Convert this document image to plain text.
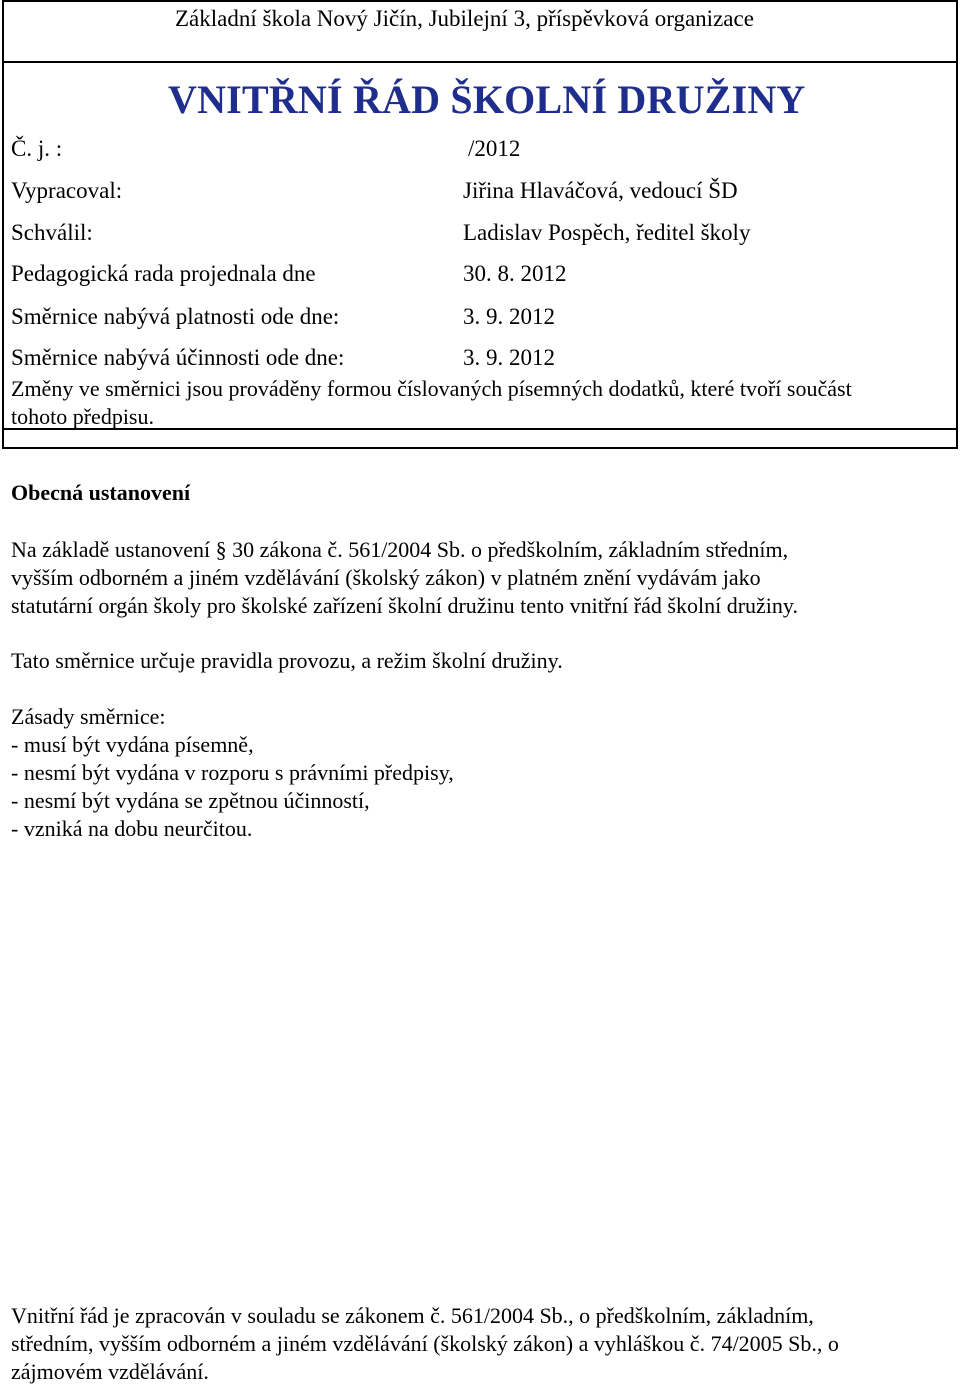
Základní škola Nový Jičín, Jubilejní 3, příspěvková organizace
VNITŘNÍ ŘÁD ŠKOLNÍ DRUŽINY
Č. j. :	/2012
Vypracoval:	Jiřina Hlaváčová, vedoucí ŠD
Schválil:	Ladislav Pospěch, ředitel školy
Pedagogická rada projednala dne	30. 8. 2012
Směrnice nabývá platnosti ode dne:	3. 9. 2012
Směrnice nabývá účinnosti ode dne:	3. 9. 2012
Změny ve směrnici jsou prováděny formou číslovaných písemných dodatků, které tvoří součást
tohoto předpisu.
Obecná ustanovení
Na základě ustanovení § 30 zákona č. 561/2004 Sb. o předškolním, základním středním,
vyšším odborném a jiném vzdělávání (školský zákon) v platném znění vydávám jako
statutární orgán školy pro školské zařízení školní družinu tento vnitřní řád školní družiny.
Tato směrnice určuje pravidla provozu, a režim školní družiny.
Zásady směrnice:
- musí být vydána písemně,
- nesmí být vydána v rozporu s právními předpisy,
- nesmí být vydána se zpětnou účinností,
- vzniká na dobu neurčitou.
Vnitřní řád je zpracován v souladu se zákonem č. 561/2004 Sb., o předškolním, základním,
středním, vyšším odborném a jiném vzdělávání (školský zákon) a vyhláškou č. 74/2005 Sb., o
zájmovém vzdělávání.
